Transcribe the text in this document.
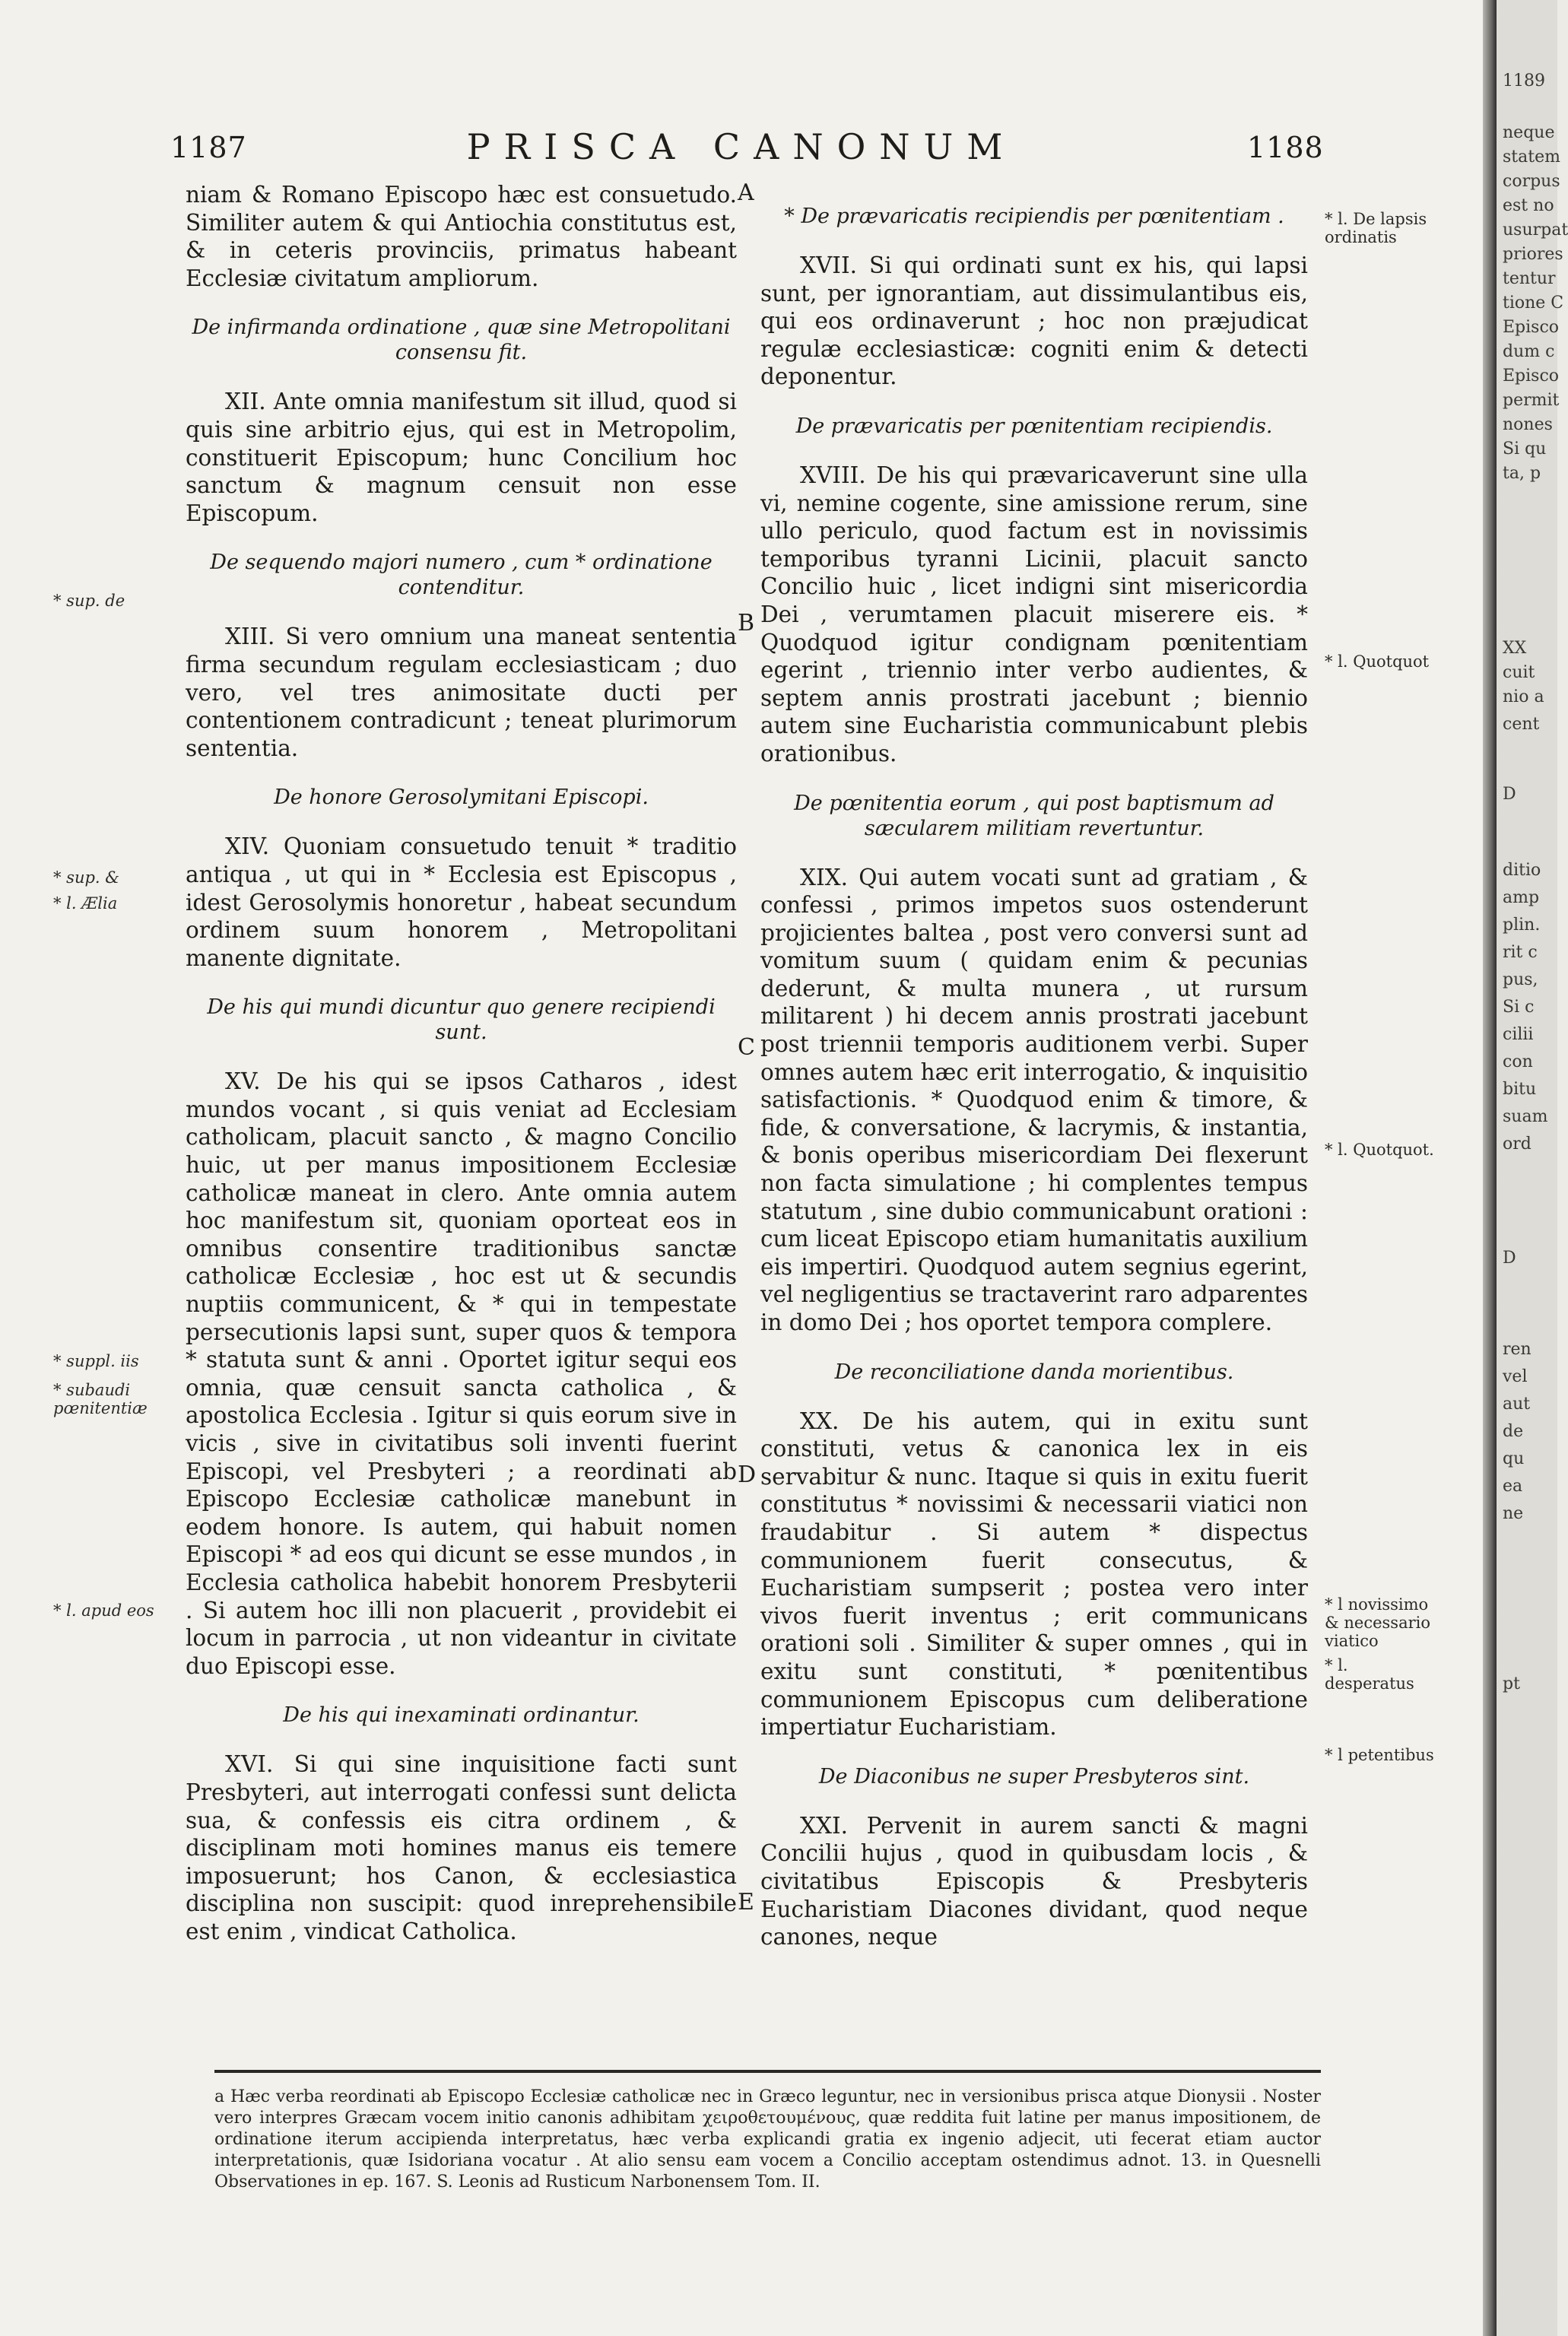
1187	PRISCA CANONUM	1188

niam & Romano Episcopo hæc est consuetudo. Similiter autem & qui Antiochia constitutus est, & in ceteris provinciis, primatus habeant Ecclesiæ civitatum ampliorum.

De infirmanda ordinatione , quæ sine Metropolitani consensu fit.

XII. Ante omnia manifestum sit illud, quod si quis sine arbitrio ejus, qui est in Metropolim, constituerit Episcopum; hunc Concilium hoc sanctum & magnum censuit non esse Episcopum.

De sequendo majori numero , cum * ordinatione contenditur.

XIII. Si vero omnium una maneat sententia firma secundum regulam ecclesiasticam ; duo vero, vel tres animositate ducti per contentionem contradicunt ; teneat plurimorum sententia.

De honore Gerosolymitani Episcopi.

XIV. Quoniam consuetudo tenuit * traditio antiqua , ut qui in * Ecclesia est Episcopus , idest Gerosolymis honoretur , habeat secundum ordinem suum honorem , Metropolitani manente dignitate.

De his qui mundi dicuntur quo genere recipiendi sunt.

XV. De his qui se ipsos Catharos , idest mundos vocant , si quis veniat ad Ecclesiam catholicam, placuit sancto , & magno Concilio huic, ut per manus impositionem Ecclesiæ catholicæ maneat in clero. Ante omnia autem hoc manifestum sit, quoniam oporteat eos in omnibus consentire traditionibus sanctæ catholicæ Ecclesiæ , hoc est ut & secundis nuptiis communicent, & * qui in tempestate persecutionis lapsi sunt, super quos & tempora * statuta sunt & anni . Oportet igitur sequi eos omnia, quæ censuit sancta catholica , & apostolica Ecclesia . Igitur si quis eorum sive in vicis , sive in civitatibus soli inventi fuerint Episcopi, vel Presbyteri ; a reordinati ab Episcopo Ecclesiæ catholicæ manebunt in eodem honore. Is autem, qui habuit nomen Episcopi * ad eos qui dicunt se esse mundos , in Ecclesia catholica habebit honorem Presbyterii . Si autem hoc illi non placuerit , providebit ei locum in parrocia , ut non videantur in civitate duo Episcopi esse.

De his qui inexaminati ordinantur.

XVI. Si qui sine inquisitione facti sunt Presbyteri, aut interrogati confessi sunt delicta sua, & confessis eis citra ordinem , & disciplinam moti homines manus eis temere imposuerunt; hos Canon, & ecclesiastica disciplina non suscipit: quod inreprehensibile est enim , vindicat Catholica.

* De prævaricatis recipiendis per pœnitentiam .

XVII. Si qui ordinati sunt ex his, qui lapsi sunt, per ignorantiam, aut dissimulantibus eis, qui eos ordinaverunt ; hoc non præjudicat regulæ ecclesiasticæ: cogniti enim & detecti deponentur.

De prævaricatis per pœnitentiam recipiendis.

XVIII. De his qui prævaricaverunt sine ulla vi, nemine cogente, sine amissione rerum, sine ullo periculo, quod factum est in novissimis temporibus tyranni Licinii, placuit sancto Concilio huic , licet indigni sint misericordia Dei , verumtamen placuit miserere eis. * Quodquod igitur condignam pœnitentiam egerint , triennio inter verbo audientes, & septem annis prostrati jacebunt ; biennio autem sine Eucharistia communicabunt plebis orationibus.

De pœnitentia eorum , qui post baptismum ad sæcularem militiam revertuntur.

XIX. Qui autem vocati sunt ad gratiam , & confessi , primos impetos suos ostenderunt projicientes baltea , post vero conversi sunt ad vomitum suum ( quidam enim & pecunias dederunt, & multa munera , ut rursum militarent ) hi decem annis prostrati jacebunt post triennii temporis auditionem verbi. Super omnes autem hæc erit interrogatio, & inquisitio satisfactionis. * Quodquod enim & timore, & fide, & conversatione, & lacrymis, & instantia, & bonis operibus misericordiam Dei flexerunt non facta simulatione ; hi complentes tempus statutum , sine dubio communicabunt orationi : cum liceat Episcopo etiam humanitatis auxilium eis impertiri. Quodquod autem segnius egerint, vel negligentius se tractaverint raro adparentes in domo Dei ; hos oportet tempora complere.

De reconciliatione danda morientibus.

XX. De his autem, qui in exitu sunt constituti, vetus & canonica lex in eis servabitur & nunc. Itaque si quis in exitu fuerit constitutus * novissimi & necessarii viatici non fraudabitur . Si autem * dispectus communionem fuerit consecutus, & Eucharistiam sumpserit ; postea vero inter vivos fuerit inventus ; erit communicans orationi soli . Similiter & super omnes , qui in exitu sunt constituti, * pœnitentibus communionem Episcopus cum deliberatione impertiatur Eucharistiam.

De Diaconibus ne super Presbyteros sint.

XXI. Pervenit in aurem sancti & magni Concilii hujus , quod in quibusdam locis , & civitatibus Episcopis & Presbyteris Eucharistiam Diacones dividant, quod neque canones, neque

* sup. de
* sup. &
* l. Ælia
* suppl. iis
* subaudi pœnitentiæ
* l. apud eos
* l. De lapsis ordinatis
* l. Quotquot
* l. Quotquot.
* l novissimo & necessario viatico
* l. desperatus
* l petentibus
A
B
C
D
E
a Hæc verba reordinati ab Episcopo Ecclesiæ catholicæ nec in Græco leguntur, nec in versionibus prisca atque Dionysii . Noster vero interpres Græcam vocem initio canonis adhibitam χειροθετουμένους, quæ reddita fuit latine per manus impositionem, de ordinatione iterum accipienda interpretatus, hæc verba explicandi gratia ex ingenio adjecit, uti fecerat etiam auctor interpretationis, quæ Isidoriana vocatur . At alio sensu eam vocem a Concilio acceptam ostendimus adnot. 13. in Quesnelli Observationes in ep. 167. S. Leonis ad Rusticum Narbonensem Tom. II.
1189
neque
statem
corpus
est no
usurpat
priores
tentur
tione C
Episco
dum c
Episco
permit
nones
Si qu
ta, p
XX
cuit
nio a
cent
D
ditio
amp
plin.
rit c
pus,
Si c
cilii
con
bitu
suam
ord
D
ren
vel
aut
de
qu
ea
ne
pt
